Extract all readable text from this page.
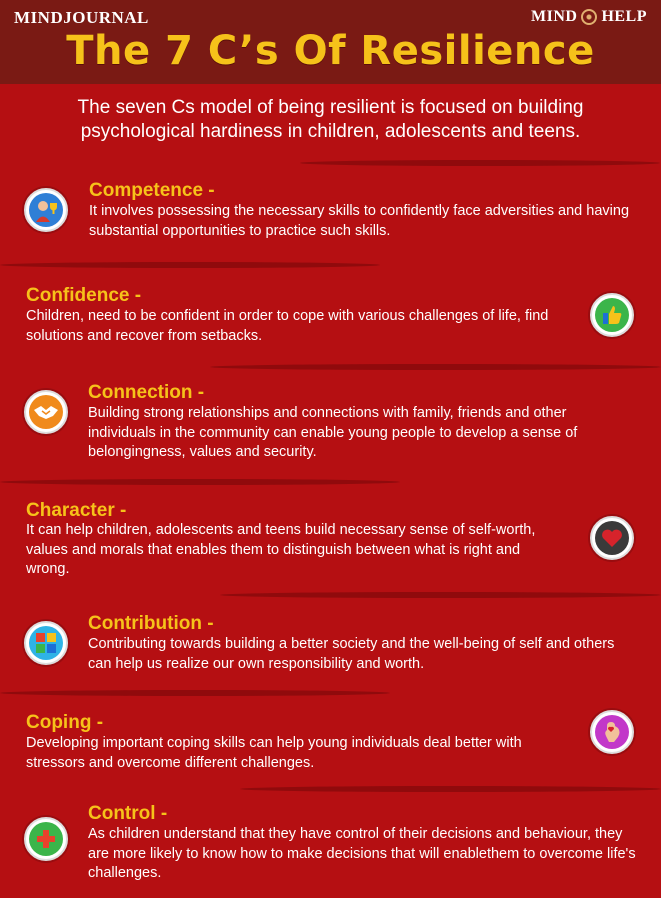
MINDJOURNAL	MIND HELP
The 7 C’s Of Resilience
The seven Cs model of being resilient is focused on building psychological hardiness in children, adolescents and teens.
Competence -
It involves possessing the necessary skills to confidently face adversities and having substantial opportunities to practice such skills.
Confidence -
Children, need to be confident in order to cope with various challenges of life, find solutions and recover from setbacks.
Connection -
Building strong relationships and connections with family, friends and other individuals in the community can enable young people to develop a sense of belongingness, values and security.
Character -
It can help children, adolescents and teens build necessary sense of self-worth, values and morals that enables them to distinguish between what is right and wrong.
Contribution -
Contributing towards building a better society and the well-being of self and others can help us realize our own responsibility and worth.
Coping -
Developing important coping skills can help young individuals deal better with stressors and overcome different challenges.
Control -
As children understand that they have control of their decisions and behaviour, they are more likely to know how to make decisions that will enablethem to overcome life's challenges.
